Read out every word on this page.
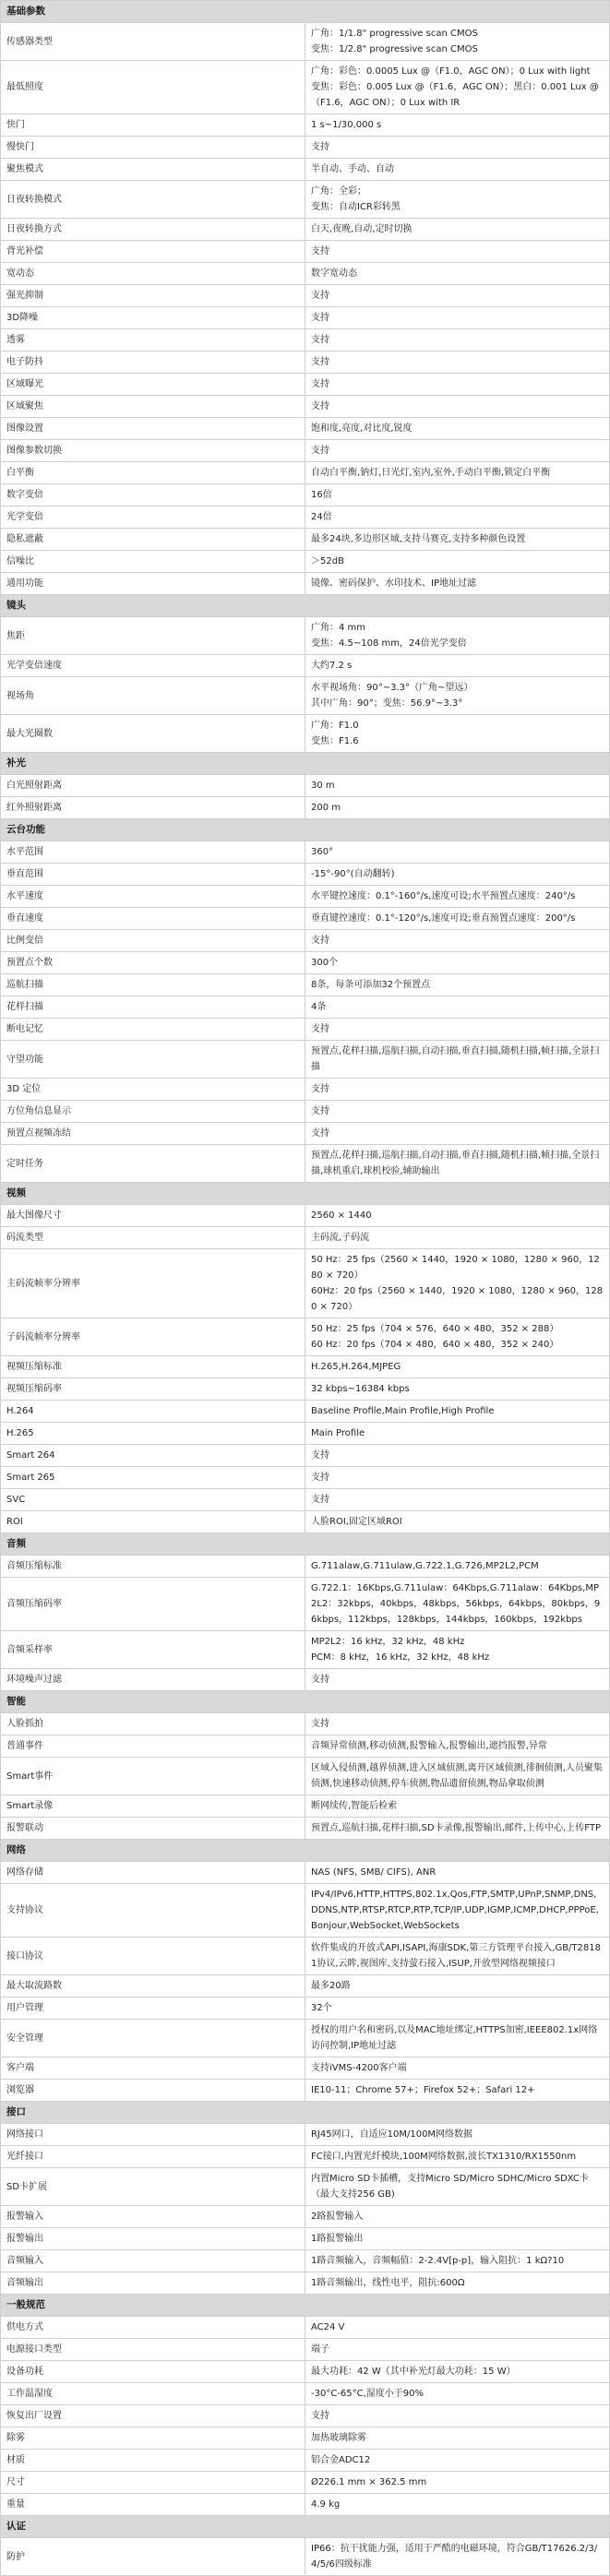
基础参数	
传感器类型	广角：1/1.8" progressive scan CMOS
变焦：1/2.8" progressive scan CMOS

最低照度	广角：彩色：0.0005 Lux @（F1.0，AGC ON）；0 Lux with light
变焦：彩色：0.005 Lux @（F1.6，AGC ON）；黑白：0.001 Lux @（F1.6，AGC ON）；0 Lux with IR

快门	1 s~1/30,000 s

慢快门	支持

聚焦模式	半自动、手动、自动

日夜转换模式	广角：全彩；
变焦：自动ICR彩转黑

日夜转换方式	白天,夜晚,自动,定时切换

背光补偿	支持

宽动态	数字宽动态

强光抑制	支持

3D降噪	支持

透雾	支持

电子防抖	支持

区域曝光	支持

区域聚焦	支持

图像设置	饱和度,亮度,对比度,锐度

图像参数切换	支持

白平衡	自动白平衡,钠灯,日光灯,室内,室外,手动白平衡,锁定白平衡

数字变倍	16倍

光学变倍	24倍

隐私遮蔽	最多24块,多边形区域,支持马赛克,支持多种颜色设置

信噪比	＞52dB

通用功能	镜像、密码保护、水印技术、IP地址过滤

镜头	
焦距	广角：4 mm
变焦：4.5~108 mm，24倍光学变倍

光学变倍速度	大约7.2 s

视场角	水平视场角：90°~3.3°（广角~望远）
其中广角：90°；变焦：56.9°~3.3°

最大光圈数	广角：F1.0
变焦：F1.6

补光	
白光照射距离	30 m

红外照射距离	200 m

云台功能	
水平范围	360°

垂直范围	-15°-90°(自动翻转)

水平速度	水平键控速度：0.1°-160°/s,速度可设;水平预置点速度：240°/s

垂直速度	垂直键控速度：0.1°-120°/s,速度可设;垂直预置点速度：200°/s

比例变倍	支持

预置点个数	300个

巡航扫描	8条，每条可添加32个预置点

花样扫描	4条

断电记忆	支持

守望功能	预置点,花样扫描,巡航扫描,自动扫描,垂直扫描,随机扫描,帧扫描,全景扫描

3D 定位	支持

方位角信息显示	支持

预置点视频冻结	支持

定时任务	预置点,花样扫描,巡航扫描,自动扫描,垂直扫描,随机扫描,帧扫描,全景扫描,球机重启,球机校验,辅助输出

视频	
最大图像尺寸	2560 × 1440

码流类型	主码流,子码流

主码流帧率分辨率	50 Hz：25 fps（2560 × 1440，1920 × 1080，1280 × 960，1280 × 720）
60Hz：20 fps（2560 × 1440，1920 × 1080，1280 × 960，1280 × 720）

子码流帧率分辨率	50 Hz：25 fps（704 × 576，640 × 480，352 × 288）
60 Hz：20 fps（704 × 480，640 × 480，352 × 240）

视频压缩标准	H.265,H.264,MJPEG

视频压缩码率	32 kbps~16384 kbps

H.264	Baseline Profile,Main Profile,High Profile

H.265	Main Profile

Smart 264	支持

Smart 265	支持

SVC	支持

ROI	人脸ROI,固定区域ROI

音频	
音频压缩标准	G.711alaw,G.711ulaw,G.722.1,G.726,MP2L2,PCM

音频压缩码率	G.722.1：16Kbps,G.711ulaw：64Kbps,G.711alaw：64Kbps,MP2L2：32kbps，40kbps，48kbps，56kbps，64kbps，80kbps，96kbps，112kbps，128kbps，144kbps，160kbps，192kbps

音频采样率	MP2L2：16 kHz，32 kHz，48 kHz
PCM：8 kHz，16 kHz，32 kHz，48 kHz

环境噪声过滤	支持

智能	
人脸抓拍	支持

普通事件	音频异常侦测,移动侦测,报警输入,报警输出,遮挡报警,异常

Smart事件	区域入侵侦测,越界侦测,进入区域侦测,离开区域侦测,徘徊侦测,人员聚集侦测,快速移动侦测,停车侦测,物品遗留侦测,物品拿取侦测

Smart录像	断网续传,智能后检索

报警联动	预置点,巡航扫描,花样扫描,SD卡录像,报警输出,邮件,上传中心,上传FTP

网络	
网络存储	NAS (NFS, SMB/ CIFS), ANR

支持协议	IPv4/IPv6,HTTP,HTTPS,802.1x,Qos,FTP,SMTP,UPnP,SNMP,DNS,DDNS,NTP,RTSP,RTCP,RTP,TCP/IP,UDP,IGMP,ICMP,DHCP,PPPoE,Bonjour,WebSocket,WebSockets

接口协议	软件集成的开放式API,ISAPI,海康SDK,第三方管理平台接入,GB/T28181协议,云眸,视图库,支持萤石接入,ISUP,开放型网络视频接口

最大取流路数	最多20路

用户管理	32个

安全管理	授权的用户名和密码,以及MAC地址绑定,HTTPS加密,IEEE802.1x网络访问控制,IP地址过滤

客户端	支持iVMS-4200客户端

浏览器	IE10-11；Chrome 57+；Firefox 52+；Safari 12+

接口	
网络接口	RJ45网口，自适应10M/100M网络数据

光纤接口	FC接口,内置光纤模块,100M网络数据,波长TX1310/RX1550nm

SD卡扩展	内置Micro SD卡插槽，支持Micro SD/Micro SDHC/Micro SDXC卡（最大支持256 GB)

报警输入	2路报警输入

报警输出	1路报警输出

音频输入	1路音频输入，音频幅值：2-2.4V[p-p]，输入阻抗：1 kΩ?10

音频输出	1路音频输出，线性电平，阻抗:600Ω

一般规范	
供电方式	AC24 V

电源接口类型	端子

设备功耗	最大功耗：42 W（其中补光灯最大功耗：15 W）

工作温湿度	-30°C-65°C,湿度小于90%

恢复出厂设置	支持

除雾	加热玻璃除雾

材质	铝合金ADC12

尺寸	Ø226.1 mm × 362.5 mm

重量	4.9 kg

认证	
防护	IP66：抗干扰能力强，适用于严酷的电磁环境，符合GB/T17626.2/3/4/5/6四级标准
